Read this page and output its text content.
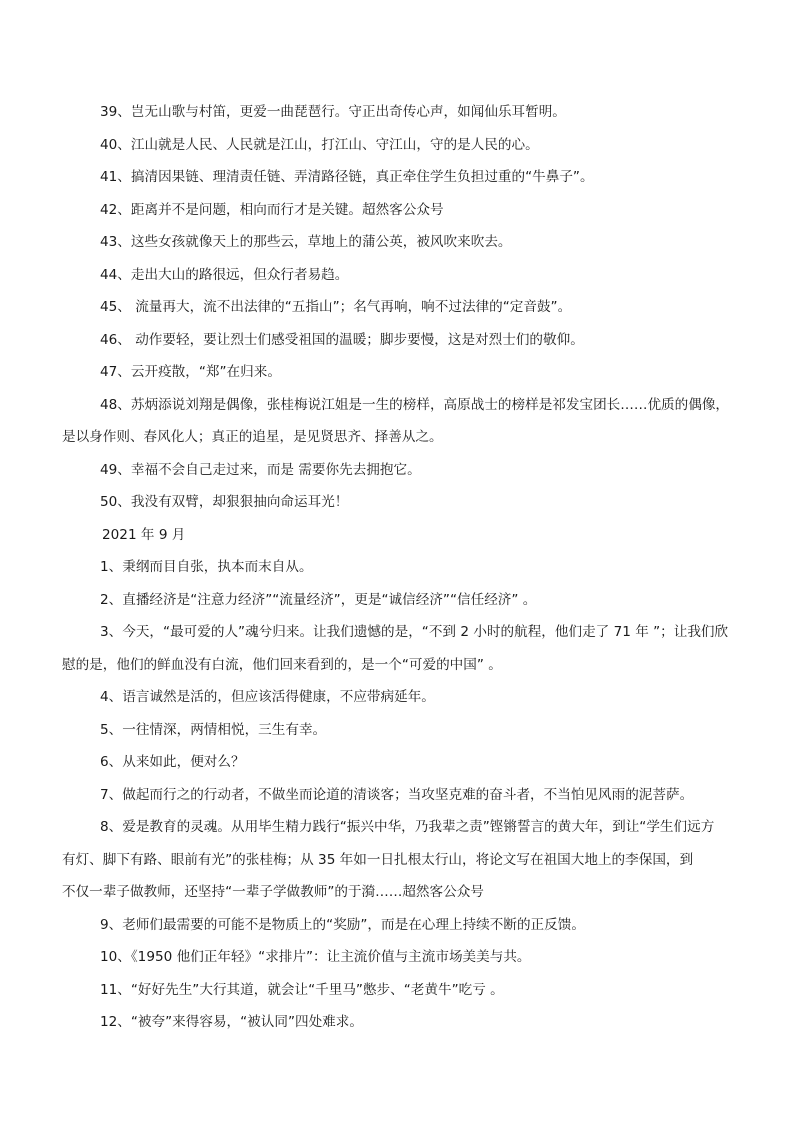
39、岂无山歌与村笛，更爱一曲琵琶行。守正出奇传心声，如闻仙乐耳暂明。

40、江山就是人民、人民就是江山，打江山、守江山，守的是人民的心。

41、搞清因果链、理清责任链、弄清路径链，真正牵住学生负担过重的“牛鼻子”。

42、距离并不是问题，相向而行才是关键。超然客公众号

43、这些女孩就像天上的那些云，草地上的蒲公英，被风吹来吹去。

44、走出大山的路很远，但众行者易趋。

45、 流量再大，流不出法律的“五指山”；名气再响，响不过法律的“定音鼓”。

46、 动作要轻，要让烈士们感受祖国的温暖；脚步要慢，这是对烈士们的敬仰。

47、云开疫散，“郑”在归来。

48、苏炳添说刘翔是偶像，张桂梅说江姐是一生的榜样，高原战士的榜样是祁发宝团长……优质的偶像，

是以身作则、春风化人；真正的追星，是见贤思齐、择善从之。

49、幸福不会自己走过来，而是 需要你先去拥抱它。

50、我没有双臂，却狠狠抽向命运耳光！

2021 年 9 月

1、秉纲而目自张，执本而末自从。

2、直播经济是“注意力经济”“流量经济”，更是“诚信经济”“信任经济” 。

3、今天，“最可爱的人”魂兮归来。让我们遗憾的是，“不到 2 小时的航程，他们走了 71 年 ”；让我们欣

慰的是，他们的鲜血没有白流，他们回来看到的，是一个“可爱的中国” 。

4、语言诚然是活的，但应该活得健康，不应带病延年。

5、一往情深，两情相悦，三生有幸。

6、从来如此，便对么？

7、做起而行之的行动者，不做坐而论道的清谈客；当攻坚克难的奋斗者，不当怕见风雨的泥菩萨。

8、爱是教育的灵魂。从用毕生精力践行“振兴中华，乃我辈之责”铿锵誓言的黄大年，到让“学生们远方

有灯、脚下有路、眼前有光”的张桂梅；从 35 年如一日扎根太行山，将论文写在祖国大地上的李保国，到

不仅一辈子做教师，还坚持“一辈子学做教师”的于漪……超然客公众号

9、老师们最需要的可能不是物质上的“奖励”，而是在心理上持续不断的正反馈。

10、《1950 他们正年轻》“求排片”：让主流价值与主流市场美美与共。

11、“好好先生”大行其道，就会让“千里马”憋步、“老黄牛”吃亏 。

12、“被夸”来得容易，“被认同”四处难求。
